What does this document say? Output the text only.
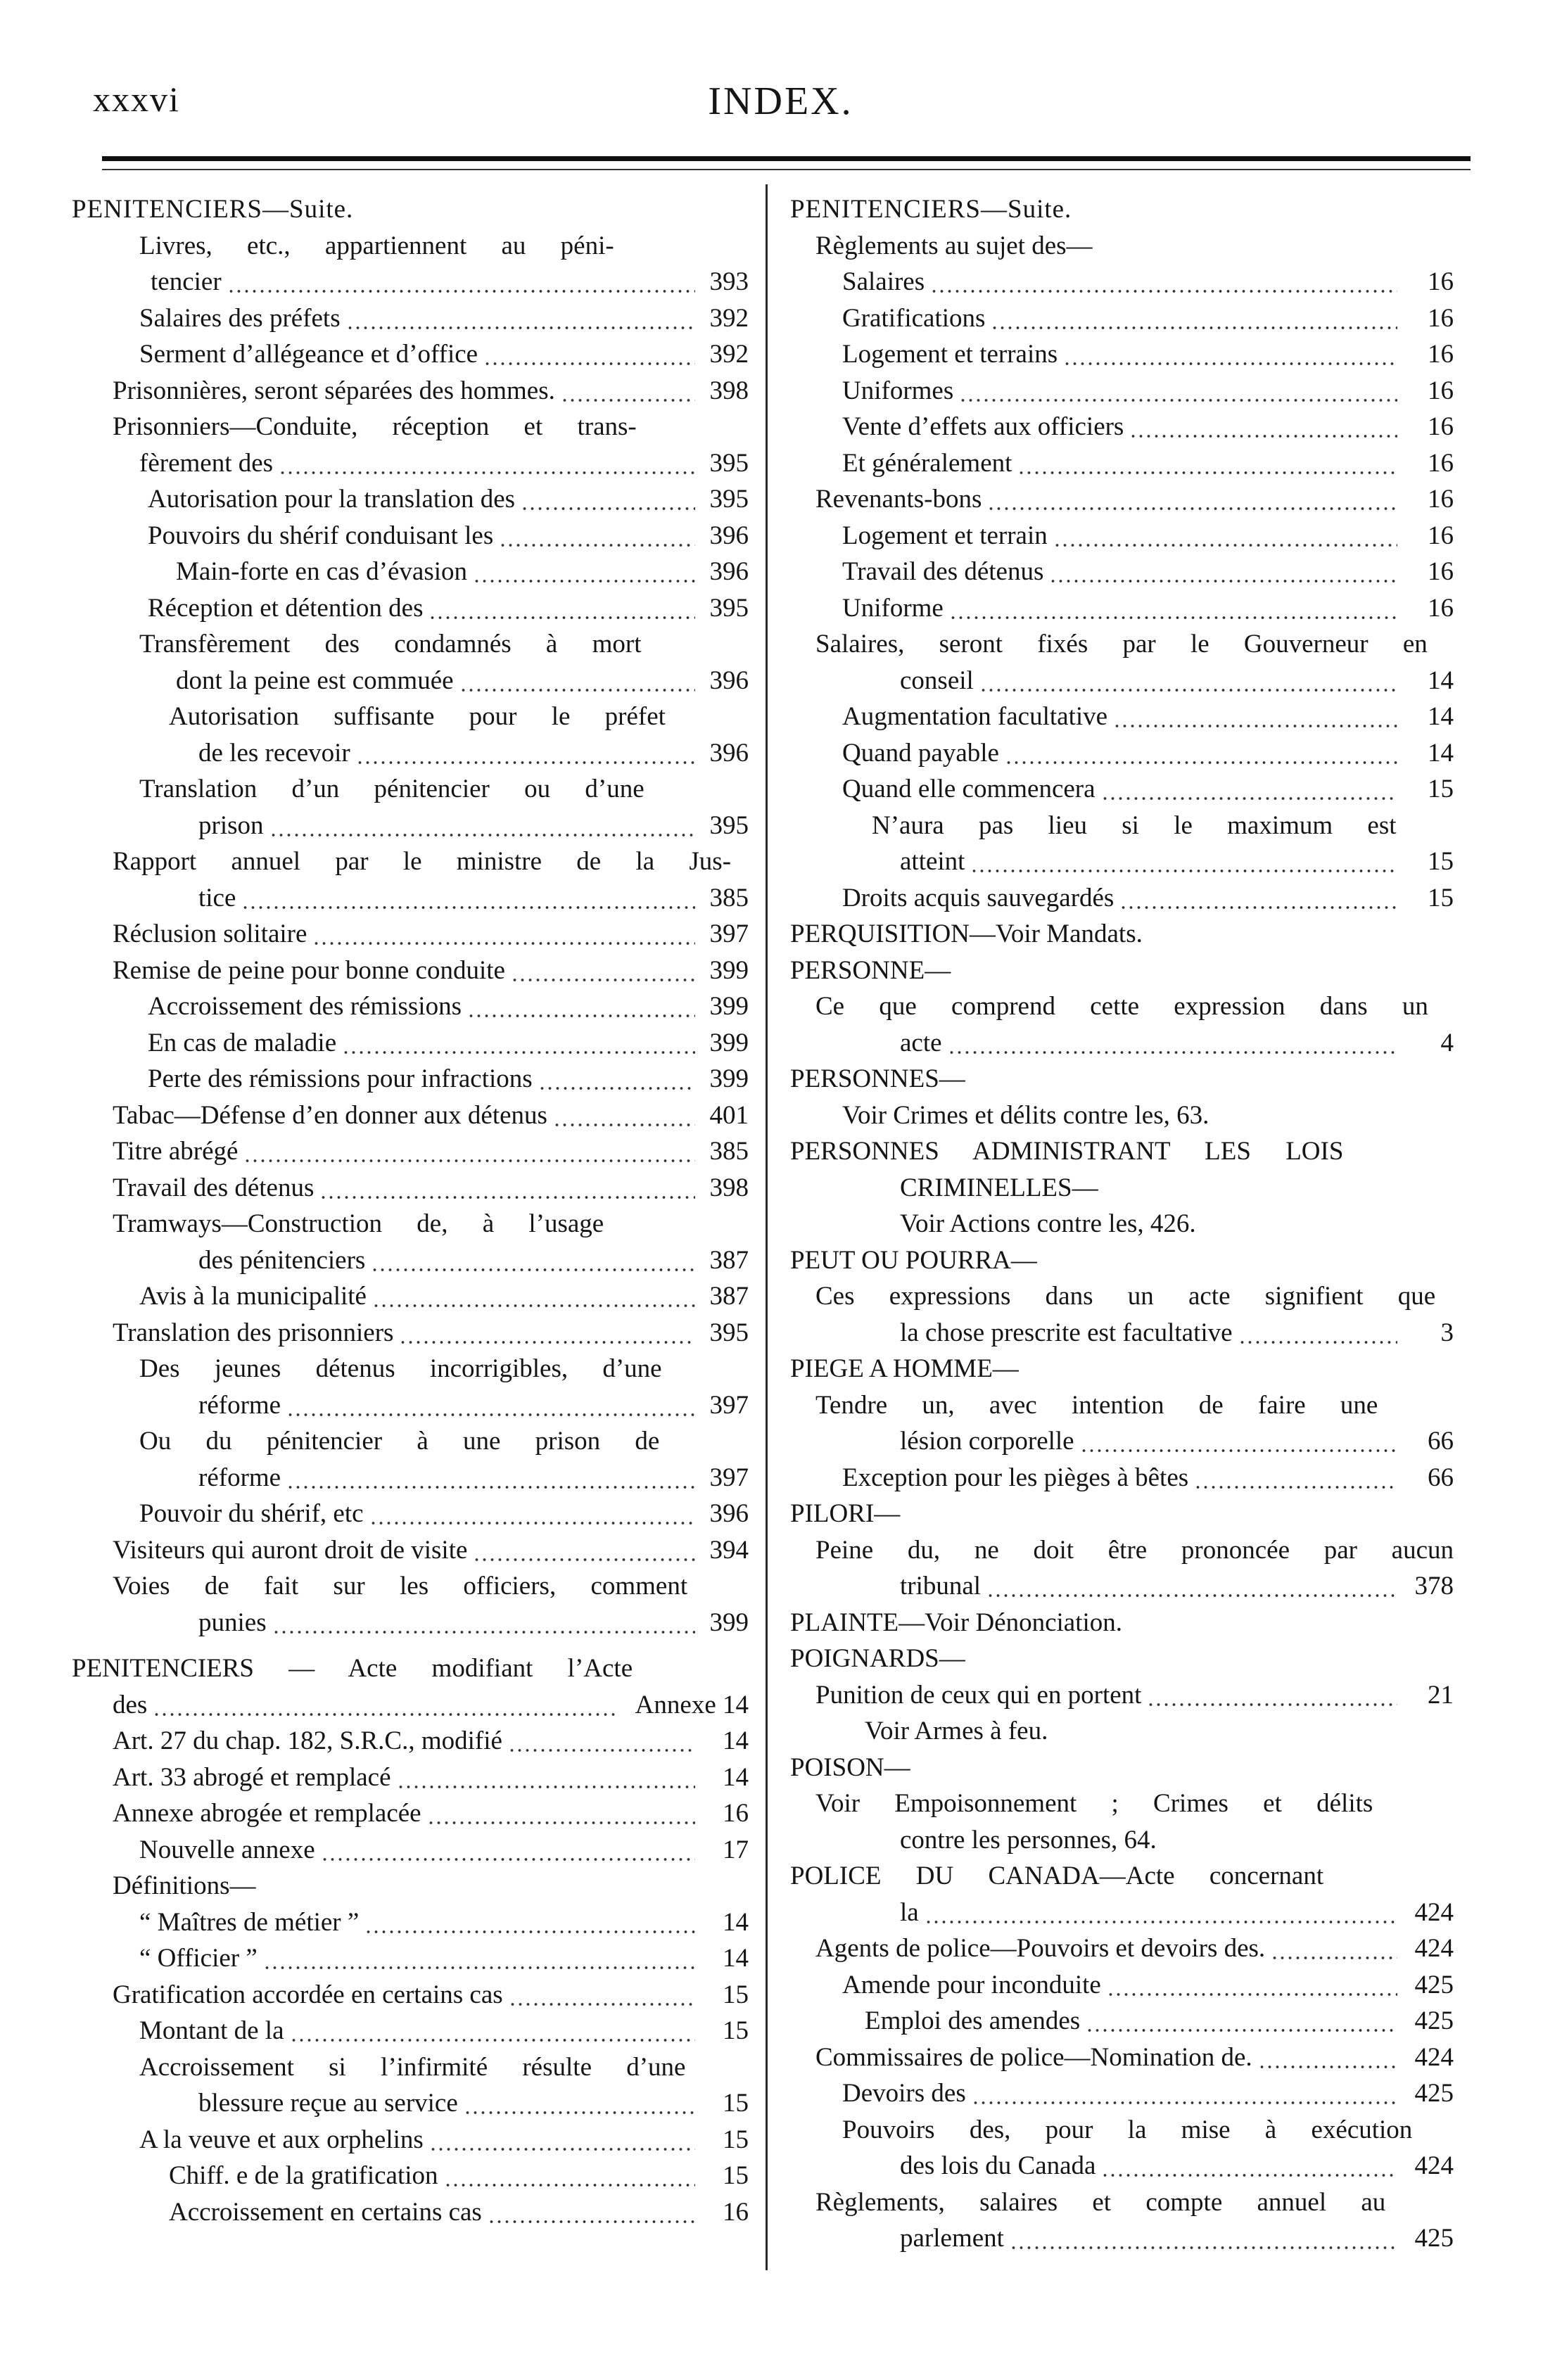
xxxvi	INDEX.
PENITENCIERS—Suite.
Livres, etc., appartiennent au péni-
tencier	393
Salaires des préfets	392
Serment d’allégeance et d’office	392
Prisonnières, seront séparées des hommes.	398
Prisonniers—Conduite, réception et trans-
fèrement des	395
Autorisation pour la translation des	395
Pouvoirs du shérif conduisant les	396
Main-forte en cas d’évasion	396
Réception et détention des	395
Transfèrement des condamnés à mort
dont la peine est commuée	396
Autorisation suffisante pour le préfet
de les recevoir	396
Translation d’un pénitencier ou d’une
prison	395
Rapport annuel par le ministre de la Jus-
tice	385
Réclusion solitaire	397
Remise de peine pour bonne conduite	399
Accroissement des rémissions	399
En cas de maladie	399
Perte des rémissions pour infractions	399
Tabac—Défense d’en donner aux détenus	401
Titre abrégé	385
Travail des détenus	398
Tramways—Construction de, à l’usage
des pénitenciers	387
Avis à la municipalité	387
Translation des prisonniers	395
Des jeunes détenus incorrigibles, d’une
réforme	397
Ou du pénitencier à une prison de
réforme	397
Pouvoir du shérif, etc	396
Visiteurs qui auront droit de visite	394
Voies de fait sur les officiers, comment
punies	399
PENITENCIERS — Acte modifiant l’Acte
des	Annexe 14
Art. 27 du chap. 182, S.R.C., modifié	14
Art. 33 abrogé et remplacé	14
Annexe abrogée et remplacée	16
Nouvelle annexe	17
Définitions—
“ Maîtres de métier ”	14
“ Officier ”	14
Gratification accordée en certains cas	15
Montant de la	15
Accroissement si l’infirmité résulte d’une
blessure reçue au service	15
A la veuve et aux orphelins	15
Chiff. e de la gratification	15
Accroissement en certains cas	16
PENITENCIERS—Suite.
Règlements au sujet des—
Salaires	16
Gratifications	16
Logement et terrains	16
Uniformes	16
Vente d’effets aux officiers	16
Et généralement	16
Revenants-bons	16
Logement et terrain	16
Travail des détenus	16
Uniforme	16
Salaires, seront fixés par le Gouverneur en
conseil	14
Augmentation facultative	14
Quand payable	14
Quand elle commencera	15
N’aura pas lieu si le maximum est
atteint	15
Droits acquis sauvegardés	15
PERQUISITION—Voir Mandats.
PERSONNE—
Ce que comprend cette expression dans un
acte	4
PERSONNES—
Voir Crimes et délits contre les, 63.
PERSONNES ADMINISTRANT LES LOIS
CRIMINELLES—
Voir Actions contre les, 426.
PEUT OU POURRA—
Ces expressions dans un acte signifient que
la chose prescrite est facultative	3
PIEGE A HOMME—
Tendre un, avec intention de faire une
lésion corporelle	66
Exception pour les pièges à bêtes	66
PILORI—
Peine du, ne doit être prononcée par aucun
tribunal	378
PLAINTE—Voir Dénonciation.
POIGNARDS—
Punition de ceux qui en portent	21
Voir Armes à feu.
POISON—
Voir Empoisonnement ; Crimes et délits
contre les personnes, 64.
POLICE DU CANADA—Acte concernant
la	424
Agents de police—Pouvoirs et devoirs des.	424
Amende pour inconduite	425
Emploi des amendes	425
Commissaires de police—Nomination de.	424
Devoirs des	425
Pouvoirs des, pour la mise à exécution
des lois du Canada	424
Règlements, salaires et compte annuel au
parlement	425
